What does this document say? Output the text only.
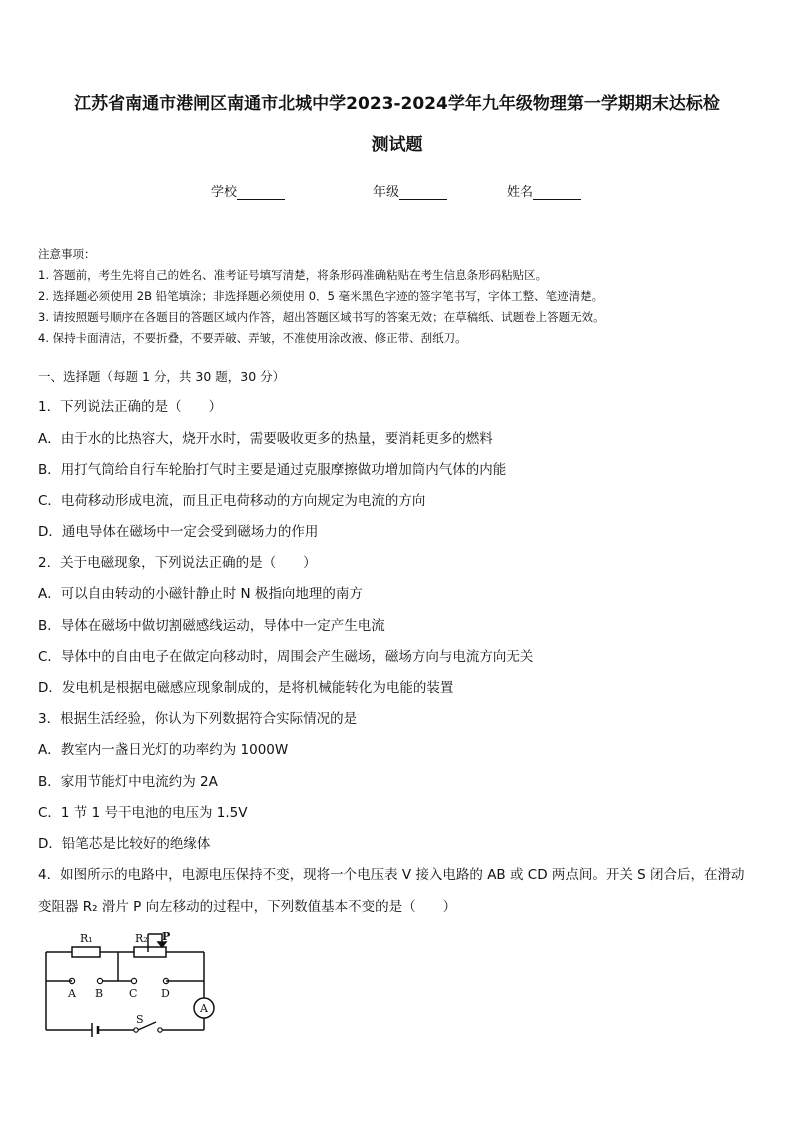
江苏省南通市港闸区南通市北城中学2023-2024学年九年级物理第一学期期末达标检
测试题
学校	年级	姓名
注意事项：
1. 答题前，考生先将自己的姓名、准考证号填写清楚，将条形码准确粘贴在考生信息条形码粘贴区。
2. 选择题必须使用 2B 铅笔填涂；非选择题必须使用 0．5 毫米黑色字迹的签字笔书写，字体工整、笔迹清楚。
3. 请按照题号顺序在各题目的答题区域内作答，超出答题区域书写的答案无效；在草稿纸、试题卷上答题无效。
4. 保持卡面清洁，不要折叠，不要弄破、弄皱，不准使用涂改液、修正带、刮纸刀。
一、选择题（每题 1 分，共 30 题，30 分）
1．下列说法正确的是（　　）
A．由于水的比热容大，烧开水时，需要吸收更多的热量，要消耗更多的燃料
B．用打气筒给自行车轮胎打气时主要是通过克服摩擦做功增加筒内气体的内能
C．电荷移动形成电流，而且正电荷移动的方向规定为电流的方向
D．通电导体在磁场中一定会受到磁场力的作用
2．关于电磁现象，下列说法正确的是（　　）
A．可以自由转动的小磁针静止时 N 极指向地理的南方
B．导体在磁场中做切割磁感线运动，导体中一定产生电流
C．导体中的自由电子在做定向移动时，周围会产生磁场，磁场方向与电流方向无关
D．发电机是根据电磁感应现象制成的，是将机械能转化为电能的装置
3．根据生活经验，你认为下列数据符合实际情况的是
A．教室内一盏日光灯的功率约为 1000W
B．家用节能灯中电流约为 2A
C．1 节 1 号干电池的电压为 1.5V
D．铅笔芯是比较好的绝缘体
4．如图所示的电路中，电源电压保持不变，现将一个电压表 V 接入电路的 AB 或 CD 两点间。开关 S 闭合后，在滑动
变阻器 R₂ 滑片 P 向左移动的过程中，下列数值基本不变的是（　　）
R₁	R₂ P
A B C D
A
S
